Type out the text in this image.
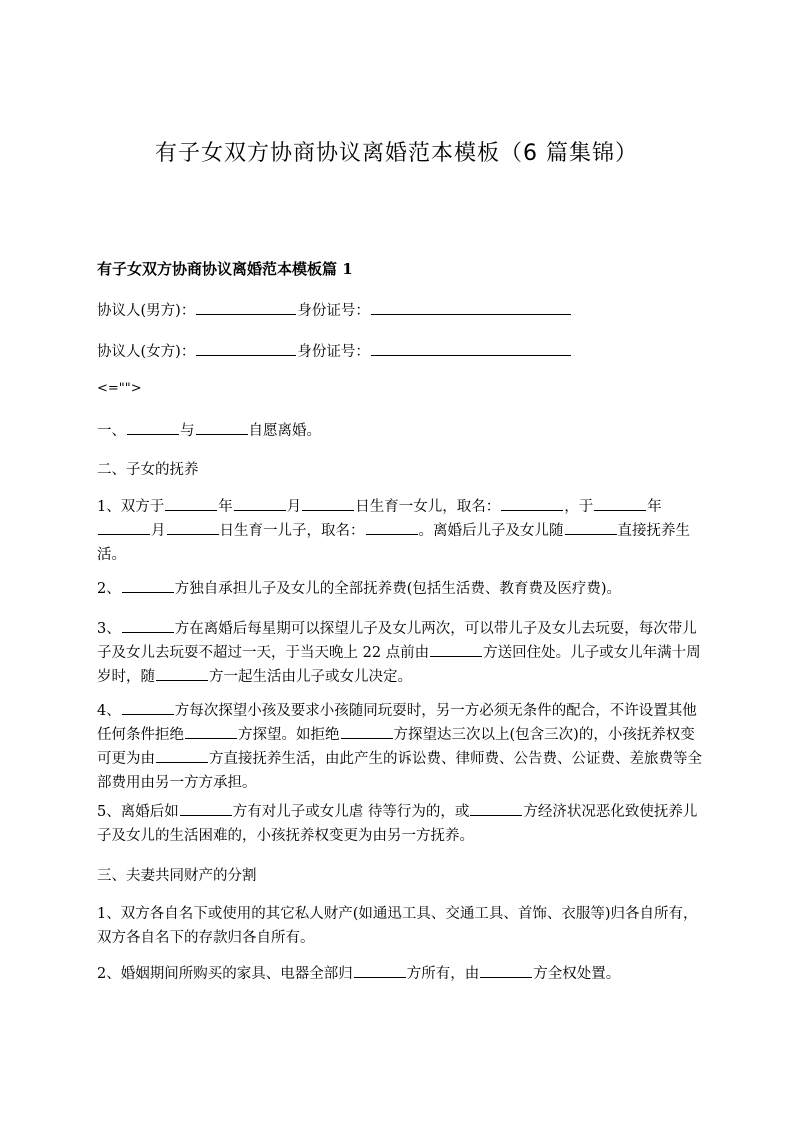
有子女双方协商协议离婚范本模板（6 篇集锦）
有子女双方协商协议离婚范本模板篇 1
协议人(男方)：	身份证号：
协议人(女方)：	身份证号：
<="">
一、	与	自愿离婚。
二、子女的抚养
1、双方于	年	月	日生育一女儿，取名：	，于	年
月	日生育一儿子，取名：	。离婚后儿子及女儿随	直接抚养生活。
2、	方独自承担儿子及女儿的全部抚养费(包括生活费、教育费及医疗费)。
3、	方在离婚后每星期可以探望儿子及女儿两次，可以带儿子及女儿去玩耍，每次带儿子及女儿去玩耍不超过一天，于当天晚上 22 点前由	方送回住处。儿子或女儿年满十周岁时，随	方一起生活由儿子或女儿决定。
4、	方每次探望小孩及要求小孩随同玩耍时，另一方必须无条件的配合，不许设置其他任何条件拒绝	方探望。如拒绝	方探望达三次以上(包含三次)的，小孩抚养权变可更为由	方直接抚养生活，由此产生的诉讼费、律师费、公告费、公证费、差旅费等全部费用由另一方方承担。
5、离婚后如	方有对儿子或女儿虐 待等行为的，或	方经济状况恶化致使抚养儿子及女儿的生活困难的，小孩抚养权变更为由另一方抚养。
三、夫妻共同财产的分割
1、双方各自名下或使用的其它私人财产(如通迅工具、交通工具、首饰、衣服等)归各自所有，双方各自名下的存款归各自所有。
2、婚姻期间所购买的家具、电器全部归	方所有，由	方全权处置。
